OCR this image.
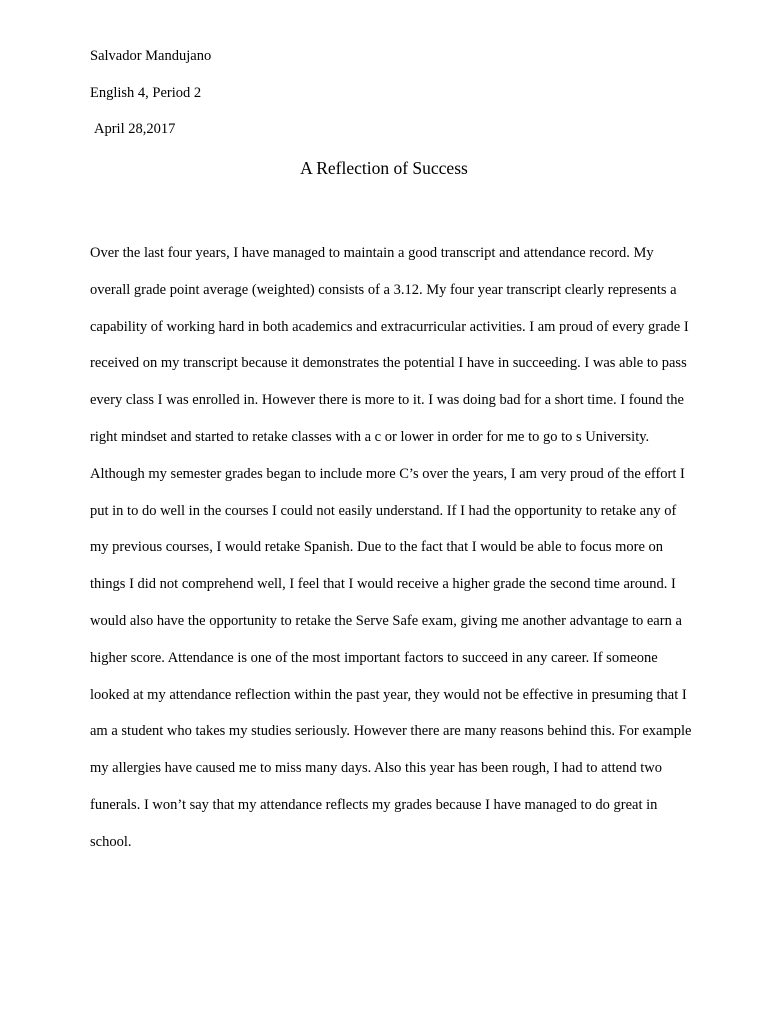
Salvador Mandujano
English 4, Period 2
April 28,2017
A Reflection of Success
Over the last four years, I have managed to maintain a good transcript and attendance record. My
overall grade point average (weighted) consists of a 3.12. My four year transcript clearly represents a
capability of working hard in both academics and extracurricular activities. I am proud of every grade I
received on my transcript because it demonstrates the potential I have in succeeding. I was able to pass
every class I was enrolled in. However there is more to it. I was doing bad for a short time. I found the
right mindset and started to retake classes with a c or lower in order for me to go to s University.
Although my semester grades began to include more C’s over the years, I am very proud of the effort I
put in to do well in the courses I could not easily understand. If I had the opportunity to retake any of
my previous courses, I would retake Spanish. Due to the fact that I would be able to focus more on
things I did not comprehend well, I feel that I would receive a higher grade the second time around. I
would also have the opportunity to retake the Serve Safe exam, giving me another advantage to earn a
higher score. Attendance is one of the most important factors to succeed in any career. If someone
looked at my attendance reflection within the past year, they would not be effective in presuming that I
am a student who takes my studies seriously. However there are many reasons behind this. For example
my allergies have caused me to miss many days. Also this year has been rough, I had to attend two
funerals. I won’t say that my attendance reflects my grades because I have managed to do great in
school.
